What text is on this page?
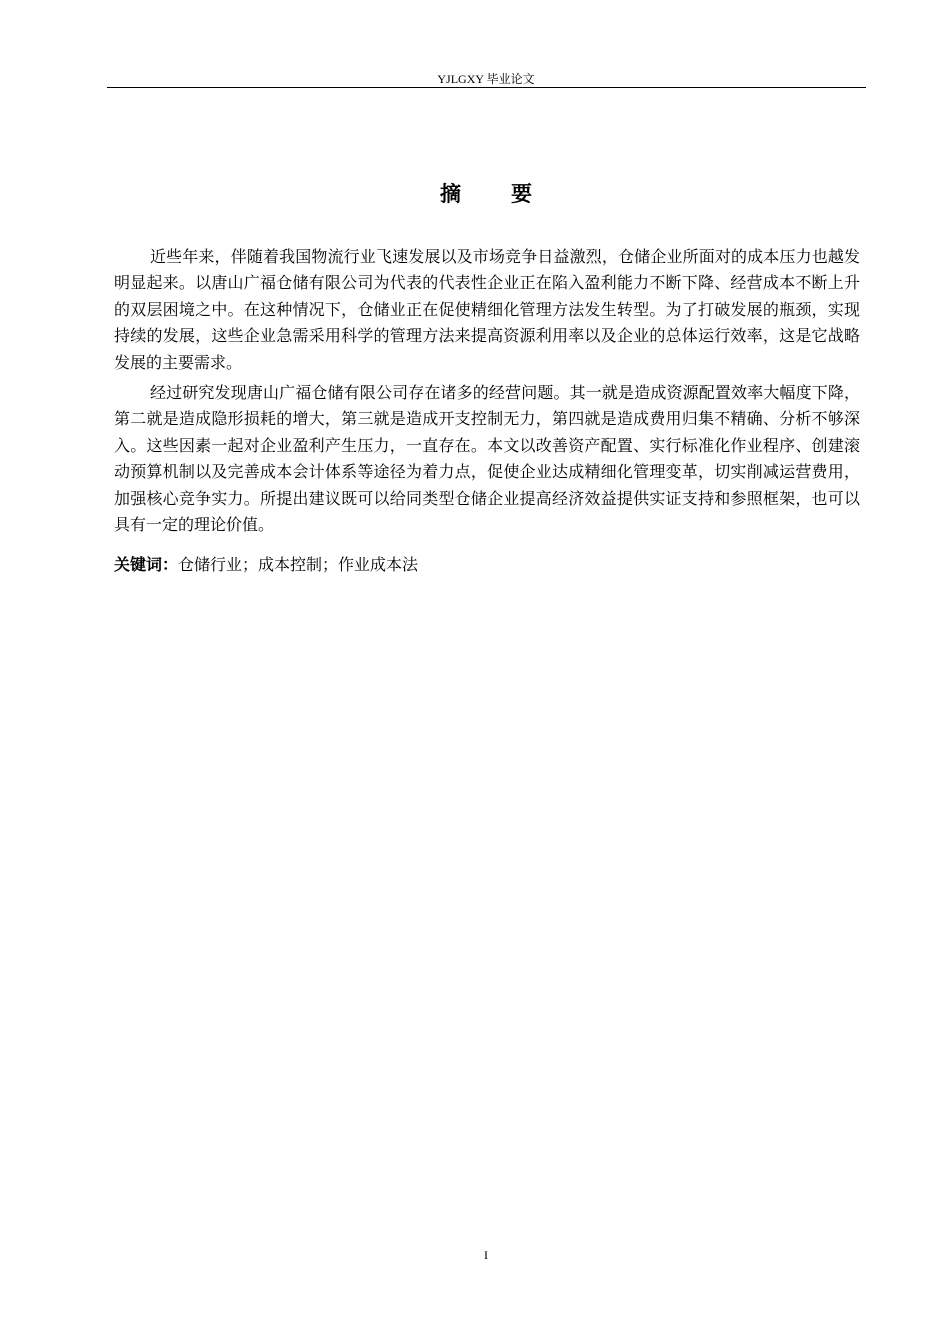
YJLGXY 毕业论文
摘要

近些年来，伴随着我国物流行业飞速发展以及市场竞争日益激烈，仓储企业所面对的成本压力也越发明显起来。以唐山广福仓储有限公司为代表的代表性企业正在陷入盈利能力不断下降、经营成本不断上升的双层困境之中。在这种情况下，仓储业正在促使精细化管理方法发生转型。为了打破发展的瓶颈，实现持续的发展，这些企业急需采用科学的管理方法来提高资源利用率以及企业的总体运行效率，这是它战略发展的主要需求。

经过研究发现唐山广福仓储有限公司存在诸多的经营问题。其一就是造成资源配置效率大幅度下降，第二就是造成隐形损耗的增大，第三就是造成开支控制无力，第四就是造成费用归集不精确、分析不够深入。这些因素一起对企业盈利产生压力，一直存在。本文以改善资产配置、实行标准化作业程序、创建滚动预算机制以及完善成本会计体系等途径为着力点，促使企业达成精细化管理变革，切实削减运营费用，加强核心竞争实力。所提出建议既可以给同类型仓储企业提高经济效益提供实证支持和参照框架，也可以具有一定的理论价值。

关键词：仓储行业；成本控制；作业成本法

I
